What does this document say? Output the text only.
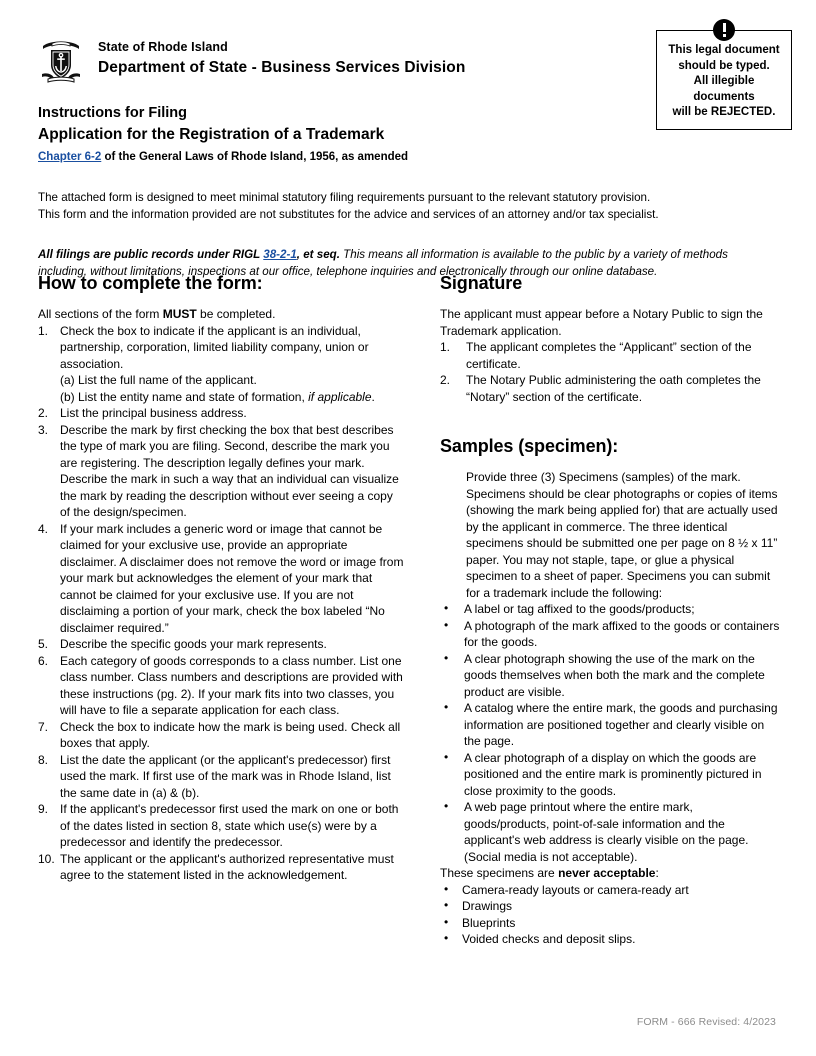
State of Rhode Island
Department of State - Business Services Division
Instructions for Filing
Application for the Registration of a Trademark
Chapter 6-2 of the General Laws of Rhode Island, 1956, as amended
This legal document
should be typed.
All illegible
documents
will be REJECTED.

The attached form is designed to meet minimal statutory filing requirements pursuant to the relevant statutory provision.

This form and the information provided are not substitutes for the advice and services of an attorney and/or tax specialist.

All filings are public records under RIGL 38-2-1, et seq. This means all information is available to the public by a variety of methods including, without limitations, inspections at our office, telephone inquiries and electronically through our online database.

How to complete the form:

All sections of the form MUST be completed.

1. Check the box to indicate if the applicant is an individual, partnership, corporation, limited liability company, union or association.
(a) List the full name of the applicant.
(b) List the entity name and state of formation, if applicable.
2. List the principal business address.
3. Describe the mark by first checking the box that best describes the type of mark you are filing. Second, describe the mark you are registering. The description legally defines your mark. Describe the mark in such a way that an individual can visualize the mark by reading the description without ever seeing a copy of the design/specimen.
4. If your mark includes a generic word or image that cannot be claimed for your exclusive use, provide an appropriate disclaimer. A disclaimer does not remove the word or image from your mark but acknowledges the element of your mark that cannot be claimed for your exclusive use. If you are not disclaiming a portion of your mark, check the box labeled “No disclaimer required.”
5. Describe the specific goods your mark represents.
6. Each category of goods corresponds to a class number. List one class number. Class numbers and descriptions are provided with these instructions (pg. 2). If your mark fits into two classes, you will have to file a separate application for each class.
7. Check the box to indicate how the mark is being used. Check all boxes that apply.
8. List the date the applicant (or the applicant's predecessor) first used the mark. If first use of the mark was in Rhode Island, list the same date in (a) & (b).
9. If the applicant's predecessor first used the mark on one or both of the dates listed in section 8, state which use(s) were by a predecessor and identify the predecessor.
10. The applicant or the applicant's authorized representative must agree to the statement listed in the acknowledgement.
Signature

The applicant must appear before a Notary Public to sign the Trademark application.

1.	The applicant completes the “Applicant” section of the certificate.
2.	The Notary Public administering the oath completes the “Notary” section of the certificate.
Samples (specimen):

Provide three (3) Specimens (samples) of the mark. Specimens should be clear photographs or copies of items (showing the mark being applied for) that are actually used by the applicant in commerce. The three identical specimens should be submitted one per page on 8 ½ x 11” paper. You may not staple, tape, or glue a physical specimen to a sheet of paper. Specimens you can submit for a trademark include the following:

• A label or tag affixed to the goods/products;
• A photograph of the mark affixed to the goods or containers for the goods.
• A clear photograph showing the use of the mark on the goods themselves when both the mark and the complete product are visible.
• A catalog where the entire mark, the goods and purchasing information are positioned together and clearly visible on the page.
• A clear photograph of a display on which the goods are positioned and the entire mark is prominently pictured in close proximity to the goods.
• A web page printout where the entire mark, goods/products, point-of-sale information and the applicant's web address is clearly visible on the page. (Social media is not acceptable).

These specimens are never acceptable:

• Camera-ready layouts or camera-ready art
• Drawings
• Blueprints
• Voided checks and deposit slips.
FORM - 666 Revised: 4/2023
